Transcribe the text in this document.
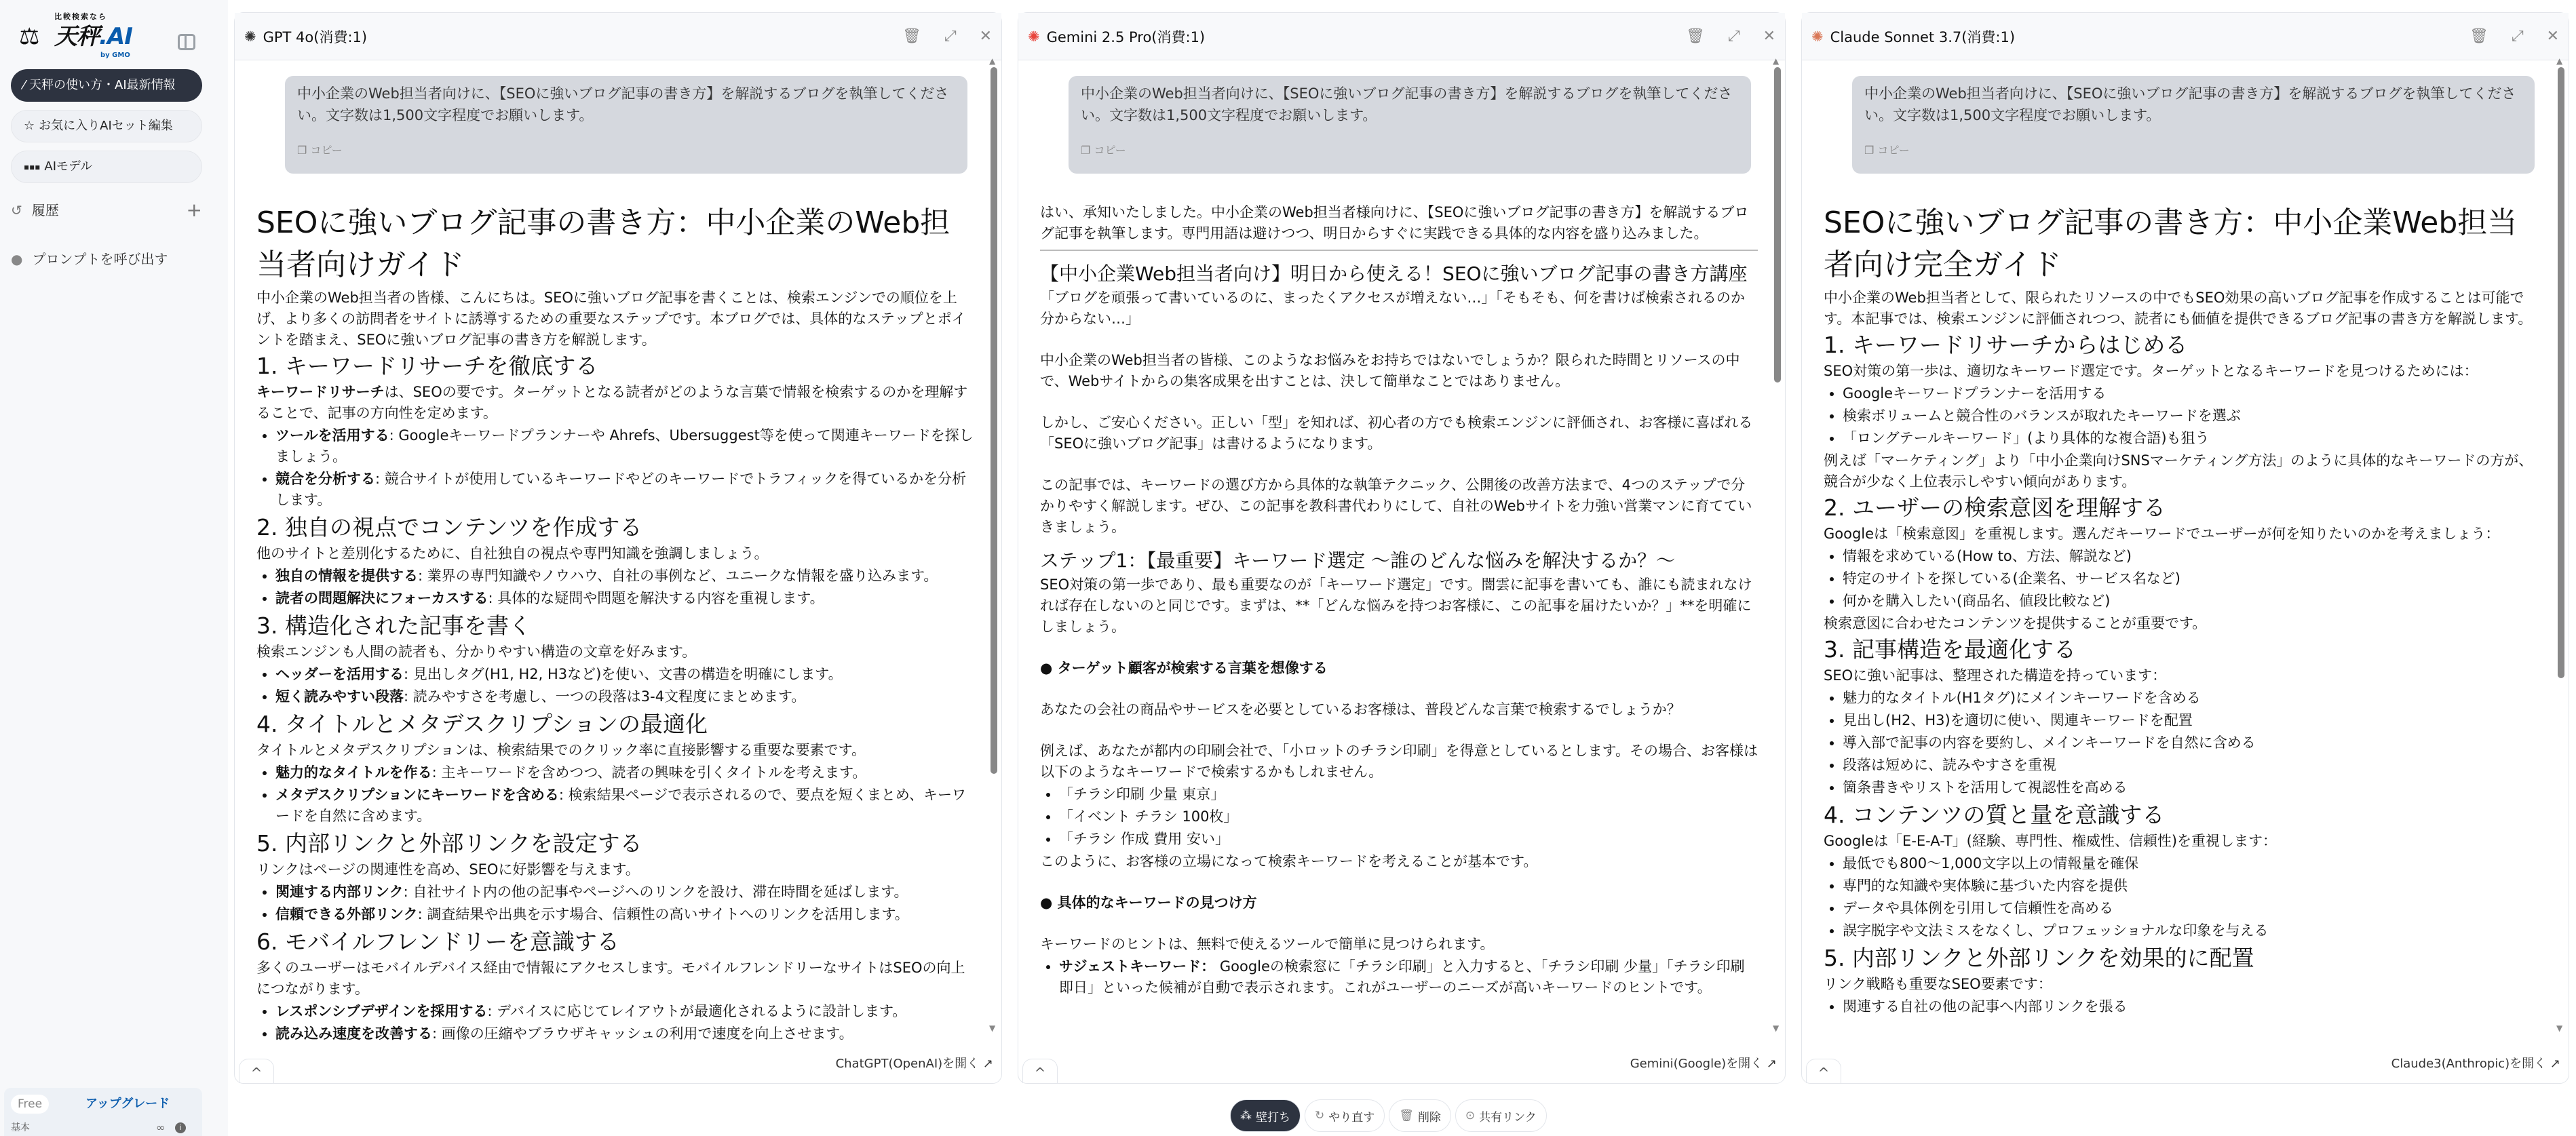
⚖
比較検索なら
天秤.AI
by GMO
⁄ 天秤の使い方・AI最新情報
☆ お気に入りAIセット編集
▪▪▪ AIモデル
↺ 履歴	+
● プロンプトを呼び出す
Free	アップグレード
基本	∞	i
✺ GPT 4o(消費:1)	🗑 ⤢ ✕
中小企業のWeb担当者向けに、【SEOに強いブログ記事の書き方】を解説するブログを執筆してください。文字数は1,500文字程度でお願いします。
❐ コピー
SEOに強いブログ記事の書き方：中小企業のWeb担当者向けガイド

中小企業のWeb担当者の皆様、こんにちは。SEOに強いブログ記事を書くことは、検索エンジンでの順位を上げ、より多くの訪問者をサイトに誘導するための重要なステップです。本ブログでは、具体的なステップとポイントを踏まえ、SEOに強いブログ記事の書き方を解説します。

1. キーワードリサーチを徹底する

キーワードリサーチは、SEOの要です。ターゲットとなる読者がどのような言葉で情報を検索するのかを理解することで、記事の方向性を定めます。

• ツールを活用する: Googleキーワードプランナーや Ahrefs、Ubersuggest等を使って関連キーワードを探しましょう。
• 競合を分析する: 競合サイトが使用しているキーワードやどのキーワードでトラフィックを得ているかを分析します。
2. 独自の視点でコンテンツを作成する

他のサイトと差別化するために、自社独自の視点や専門知識を強調しましょう。

• 独自の情報を提供する: 業界の専門知識やノウハウ、自社の事例など、ユニークな情報を盛り込みます。
• 読者の問題解決にフォーカスする: 具体的な疑問や問題を解決する内容を重視します。
3. 構造化された記事を書く

検索エンジンも人間の読者も、分かりやすい構造の文章を好みます。

• ヘッダーを活用する: 見出しタグ(H1, H2, H3など)を使い、文書の構造を明確にします。
• 短く読みやすい段落: 読みやすさを考慮し、一つの段落は3-4文程度にまとめます。
4. タイトルとメタデスクリプションの最適化

タイトルとメタデスクリプションは、検索結果でのクリック率に直接影響する重要な要素です。

• 魅力的なタイトルを作る: 主キーワードを含めつつ、読者の興味を引くタイトルを考えます。
• メタデスクリプションにキーワードを含める: 検索結果ページで表示されるので、要点を短くまとめ、キーワードを自然に含めます。
5. 内部リンクと外部リンクを設定する

リンクはページの関連性を高め、SEOに好影響を与えます。

• 関連する内部リンク: 自社サイト内の他の記事やページへのリンクを設け、滞在時間を延ばします。
• 信頼できる外部リンク: 調査結果や出典を示す場合、信頼性の高いサイトへのリンクを活用します。
6. モバイルフレンドリーを意識する

多くのユーザーはモバイルデバイス経由で情報にアクセスします。モバイルフレンドリーなサイトはSEOの向上につながります。

• レスポンシブデザインを採用する: デバイスに応じてレイアウトが最適化されるように設計します。
• 読み込み速度を改善する: 画像の圧縮やブラウザキャッシュの利用で速度を向上させます。
▲
▼
^
ChatGPT(OpenAI)を開く ↗
✺ Gemini 2.5 Pro(消費:1)	🗑 ⤢ ✕
中小企業のWeb担当者向けに、【SEOに強いブログ記事の書き方】を解説するブログを執筆してください。文字数は1,500文字程度でお願いします。
❐ コピー

はい、承知いたしました。中小企業のWeb担当者様向けに、【SEOに強いブログ記事の書き方】を解説するブログ記事を執筆します。専門用語は避けつつ、明日からすぐに実践できる具体的な内容を盛り込みました。

【中小企業Web担当者向け】明日から使える！SEOに強いブログ記事の書き方講座

「ブログを頑張って書いているのに、まったくアクセスが増えない…」「そもそも、何を書けば検索されるのか分からない…」

中小企業のWeb担当者の皆様、このようなお悩みをお持ちではないでしょうか？限られた時間とリソースの中で、Webサイトからの集客成果を出すことは、決して簡単なことではありません。

しかし、ご安心ください。正しい「型」を知れば、初心者の方でも検索エンジンに評価され、お客様に喜ばれる「SEOに強いブログ記事」は書けるようになります。

この記事では、キーワードの選び方から具体的な執筆テクニック、公開後の改善方法まで、4つのステップで分かりやすく解説します。ぜひ、この記事を教科書代わりにして、自社のWebサイトを力強い営業マンに育てていきましょう。

ステップ1：【最重要】キーワード選定 ～誰のどんな悩みを解決するか？～

SEO対策の第一歩であり、最も重要なのが「キーワード選定」です。闇雲に記事を書いても、誰にも読まれなければ存在しないのと同じです。まずは、**「どんな悩みを持つお客様に、この記事を届けたいか？」**を明確にしましょう。

● ターゲット顧客が検索する言葉を想像する

あなたの会社の商品やサービスを必要としているお客様は、普段どんな言葉で検索するでしょうか？

例えば、あなたが都内の印刷会社で、「小ロットのチラシ印刷」を得意としているとします。その場合、お客様は以下のようなキーワードで検索するかもしれません。

• 「チラシ印刷 少量 東京」
• 「イベント チラシ 100枚」
• 「チラシ 作成 費用 安い」

このように、お客様の立場になって検索キーワードを考えることが基本です。

● 具体的なキーワードの見つけ方

キーワードのヒントは、無料で使えるツールで簡単に見つけられます。

• サジェストキーワード： Googleの検索窓に「チラシ印刷」と入力すると、「チラシ印刷 少量」「チラシ印刷 即日」といった候補が自動で表示されます。これがユーザーのニーズが高いキーワードのヒントです。
▲
▼
^
Gemini(Google)を開く ↗
✺ Claude Sonnet 3.7(消費:1)	🗑 ⤢ ✕
中小企業のWeb担当者向けに、【SEOに強いブログ記事の書き方】を解説するブログを執筆してください。文字数は1,500文字程度でお願いします。
❐ コピー
SEOに強いブログ記事の書き方：中小企業Web担当者向け完全ガイド

中小企業のWeb担当者として、限られたリソースの中でもSEO効果の高いブログ記事を作成することは可能です。本記事では、検索エンジンに評価されつつ、読者にも価値を提供できるブログ記事の書き方を解説します。

1. キーワードリサーチからはじめる

SEO対策の第一歩は、適切なキーワード選定です。ターゲットとなるキーワードを見つけるためには：

• Googleキーワードプランナーを活用する
• 検索ボリュームと競合性のバランスが取れたキーワードを選ぶ
• 「ロングテールキーワード」(より具体的な複合語)も狙う

例えば「マーケティング」より「中小企業向けSNSマーケティング方法」のように具体的なキーワードの方が、競合が少なく上位表示しやすい傾向があります。

2. ユーザーの検索意図を理解する

Googleは「検索意図」を重視します。選んだキーワードでユーザーが何を知りたいのかを考えましょう：

• 情報を求めている(How to、方法、解説など)
• 特定のサイトを探している(企業名、サービス名など)
• 何かを購入したい(商品名、値段比較など)

検索意図に合わせたコンテンツを提供することが重要です。

3. 記事構造を最適化する

SEOに強い記事は、整理された構造を持っています：

• 魅力的なタイトル(H1タグ)にメインキーワードを含める
• 見出し(H2、H3)を適切に使い、関連キーワードを配置
• 導入部で記事の内容を要約し、メインキーワードを自然に含める
• 段落は短めに、読みやすさを重視
• 箇条書きやリストを活用して視認性を高める
4. コンテンツの質と量を意識する

Googleは「E-E-A-T」(経験、専門性、権威性、信頼性)を重視します：

• 最低でも800～1,000文字以上の情報量を確保
• 専門的な知識や実体験に基づいた内容を提供
• データや具体例を引用して信頼性を高める
• 誤字脱字や文法ミスをなくし、プロフェッショナルな印象を与える
5. 内部リンクと外部リンクを効果的に配置

リンク戦略も重要なSEO要素です：

• 関連する自社の他の記事へ内部リンクを張る
▲
▼
^
Claude3(Anthropic)を開く ↗
⁂ 壁打ち ↻ やり直す 🗑 削除 ⊙ 共有リンク
